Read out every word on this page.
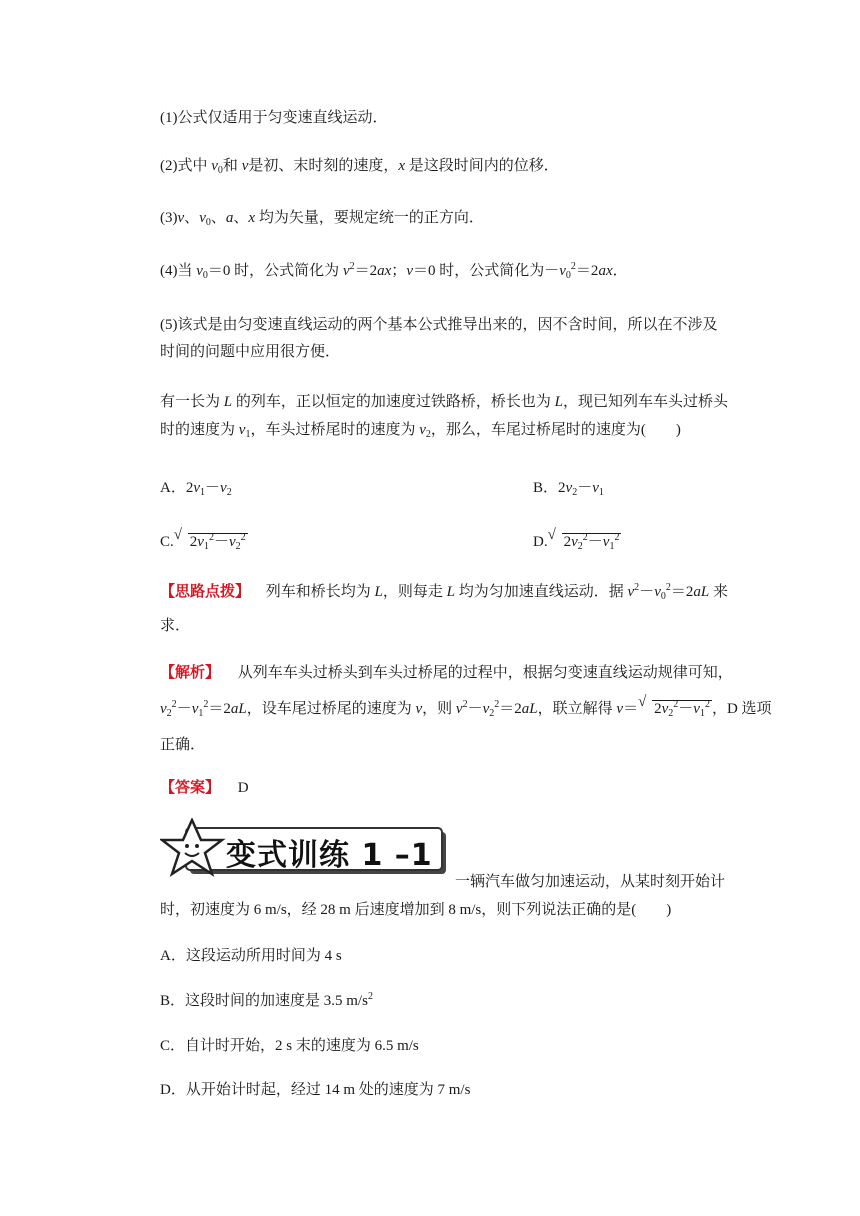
(1)公式仅适用于匀变速直线运动．
(2)式中 $v_0$和 v是初、末时刻的速度，x 是这段时间内的位移．
(3)v、$v_0$、a、x 均为矢量，要规定统一的正方向．
(4)当 $v_0=0$ 时，公式简化为 $v^2=2ax$；v＝0 时，公式简化为$-v_0^2=2ax$．
(5)该式是由匀变速直线运动的两个基本公式推导出来的，因不含时间，所以在不涉及
时间的问题中应用很方便．
有一长为 L 的列车，正以恒定的加速度过铁路桥，桥长也为 L，现已知列车车头过桥头
时的速度为 $v_1$，车头过桥尾时的速度为 $v_2$，那么，车尾过桥尾时的速度为(　　)
A．$2v_1-v_2$	B．$2v_2-v_1$
C. √ $2v_1^2-v_2^2$	D. √ $2v_2^2-v_1^2$
【思路点拨】 列车和桥长均为 L，则每走 L 均为匀加速直线运动．据 $v^2-v_0^2=2aL$ 来
求．
【解析】 从列车车头过桥头到车头过桥尾的过程中，根据匀变速直线运动规律可知，
$v_2^2-v_1^2=2aL$，设车尾过桥尾的速度为 v，则 $v^2-v_2^2=2aL$，联立解得 v＝ √ $2v_2^2-v_1^2$ ，D 选项
正确．
【答案】 D
变式训练 1 –1
一辆汽车做匀加速运动，从某时刻开始计
时，初速度为 6 m/s，经 28 m 后速度增加到 8 m/s，则下列说法正确的是(　　)
A．这段运动所用时间为 4 s
B．这段时间的加速度是 3.5 $m/s^2$
C．自计时开始，2 s 末的速度为 6.5 m/s
D．从开始计时起，经过 14 m 处的速度为 7 m/s
